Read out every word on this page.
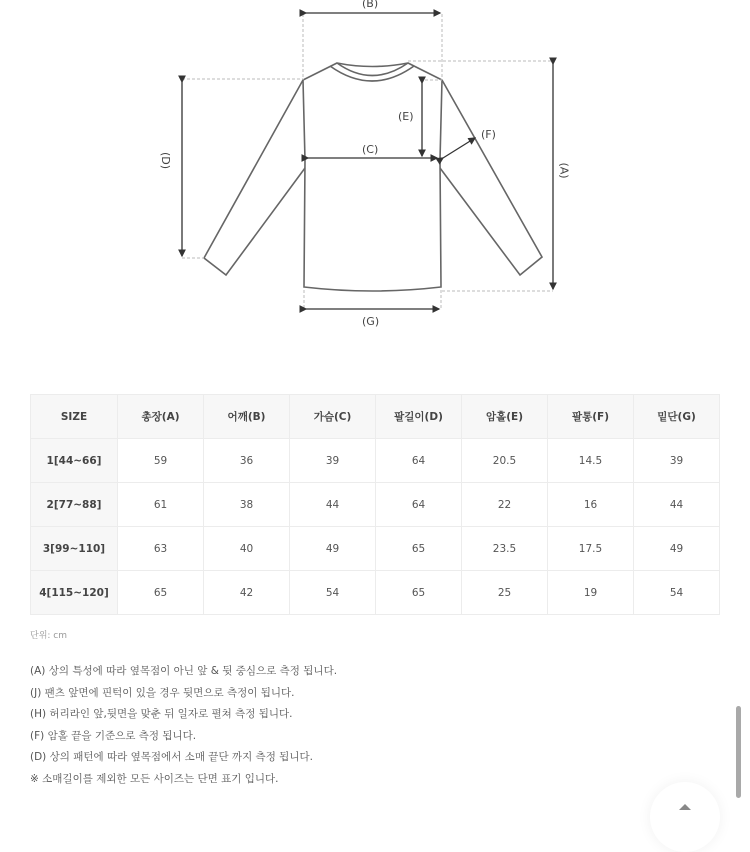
(B)
(E)
(F)
(C)
(D)
(A)
(G)
SIZE	총장(A)	어깨(B)	가슴(C)	팔길이(D)	암홀(E)	팔통(F)	밑단(G)
1[44~66]	59	36	39	64	20.5	14.5	39
2[77~88]	61	38	44	64	22	16	44
3[99~110]	63	40	49	65	23.5	17.5	49
4[115~120]	65	42	54	65	25	19	54
단위: cm
(A) 상의 특성에 따라 옆목점이 아닌 앞 & 뒷 중심으로 측정 됩니다.
(J) 팬츠 앞면에 핀턱이 있을 경우 뒷면으로 측정이 됩니다.
(H) 허리라인 앞,뒷면을 맞춘 뒤 일자로 펼쳐 측정 됩니다.
(F) 암홀 끝을 기준으로 측정 됩니다.
(D) 상의 패턴에 따라 옆목점에서 소매 끝단 까지 측정 됩니다.
※ 소매길이를 제외한 모든 사이즈는 단면 표기 입니다.
